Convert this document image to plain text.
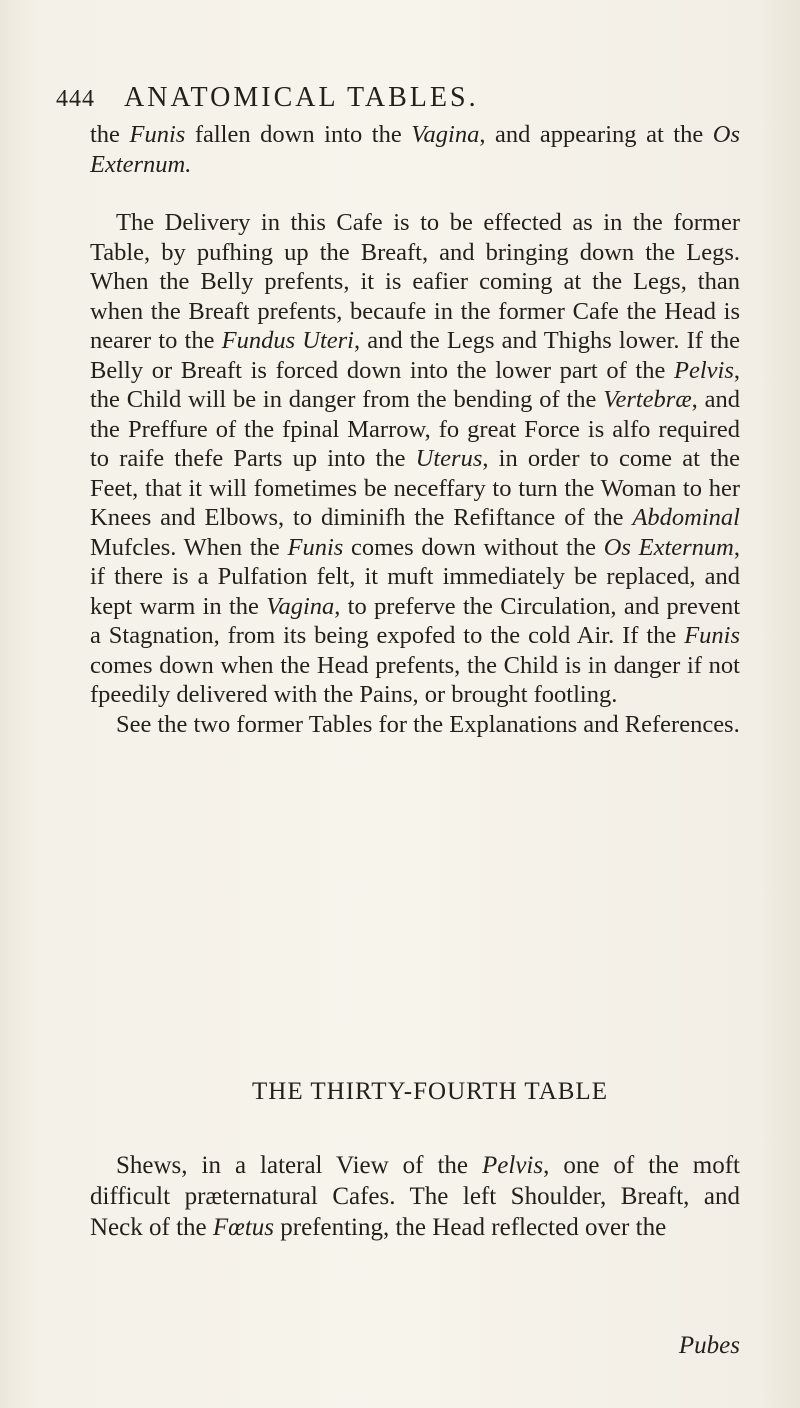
444 ANATOMICAL TABLES.

the Funis fallen down into the Vagina, and appearing at the Os Externum.

The Delivery in this Cafe is to be effected as in the former Table, by pufhing up the Breaft, and bringing down the Legs. When the Belly prefents, it is eafier coming at the Legs, than when the Breaft prefents, becaufe in the former Cafe the Head is nearer to the Fundus Uteri, and the Legs and Thighs lower. If the Belly or Breaft is forced down into the lower part of the Pelvis, the Child will be in danger from the bending of the Vertebræ, and the Preffure of the fpinal Marrow, fo great Force is alfo required to raife thefe Parts up into the Uterus, in order to come at the Feet, that it will fometimes be neceffary to turn the Woman to her Knees and Elbows, to diminifh the Refiftance of the Abdominal Mufcles. When the Funis comes down without the Os Externum, if there is a Pulfation felt, it muft immediately be replaced, and kept warm in the Vagina, to preferve the Circulation, and prevent a Stagnation, from its being expofed to the cold Air. If the Funis comes down when the Head prefents, the Child is in danger if not fpeedily delivered with the Pains, or brought footling.

See the two former Tables for the Explanations and References.

THE THIRTY-FOURTH TABLE

Shews, in a lateral View of the Pelvis, one of the moft difficult præternatural Cafes. The left Shoulder, Breaft, and Neck of the Fœtus prefenting, the Head reflected over the

Pubes
